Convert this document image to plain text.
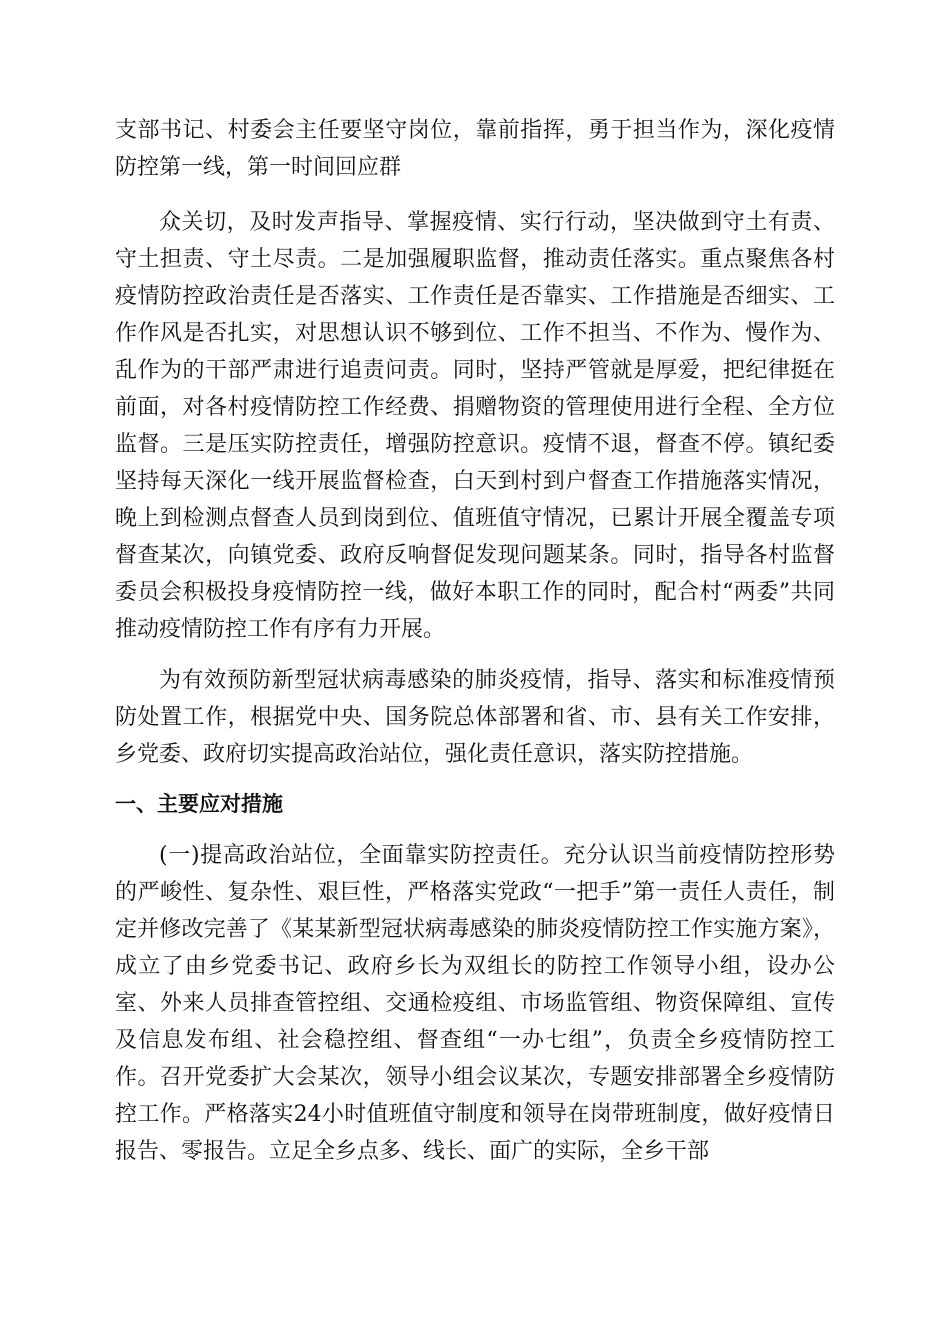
支部书记、村委会主任要坚守岗位，靠前指挥，勇于担当作为，深化疫情防控第一线，第一时间回应群

众关切，及时发声指导、掌握疫情、实行行动，坚决做到守土有责、守土担责、守土尽责。二是加强履职监督，推动责任落实。重点聚焦各村疫情防控政治责任是否落实、工作责任是否靠实、工作措施是否细实、工作作风是否扎实，对思想认识不够到位、工作不担当、不作为、慢作为、乱作为的干部严肃进行追责问责。同时，坚持严管就是厚爱，把纪律挺在前面，对各村疫情防控工作经费、捐赠物资的管理使用进行全程、全方位监督。三是压实防控责任，增强防控意识。疫情不退，督查不停。镇纪委坚持每天深化一线开展监督检查，白天到村到户督查工作措施落实情况，晚上到检测点督查人员到岗到位、值班值守情况，已累计开展全覆盖专项督查某次，向镇党委、政府反响督促发现问题某条。同时，指导各村监督委员会积极投身疫情防控一线，做好本职工作的同时，配合村“两委”共同推动疫情防控工作有序有力开展。

为有效预防新型冠状病毒感染的肺炎疫情，指导、落实和标准疫情预防处置工作，根据党中央、国务院总体部署和省、市、县有关工作安排，乡党委、政府切实提高政治站位，强化责任意识，落实防控措施。

一、主要应对措施

(一)提高政治站位，全面靠实防控责任。充分认识当前疫情防控形势的严峻性、复杂性、艰巨性，严格落实党政“一把手”第一责任人责任，制定并修改完善了《某某新型冠状病毒感染的肺炎疫情防控工作实施方案》，成立了由乡党委书记、政府乡长为双组长的防控工作领导小组，设办公室、外来人员排查管控组、交通检疫组、市场监管组、物资保障组、宣传及信息发布组、社会稳控组、督查组“一办七组”，负责全乡疫情防控工作。召开党委扩大会某次，领导小组会议某次，专题安排部署全乡疫情防控工作。严格落实24小时值班值守制度和领导在岗带班制度，做好疫情日报告、零报告。立足全乡点多、线长、面广的实际，全乡干部
